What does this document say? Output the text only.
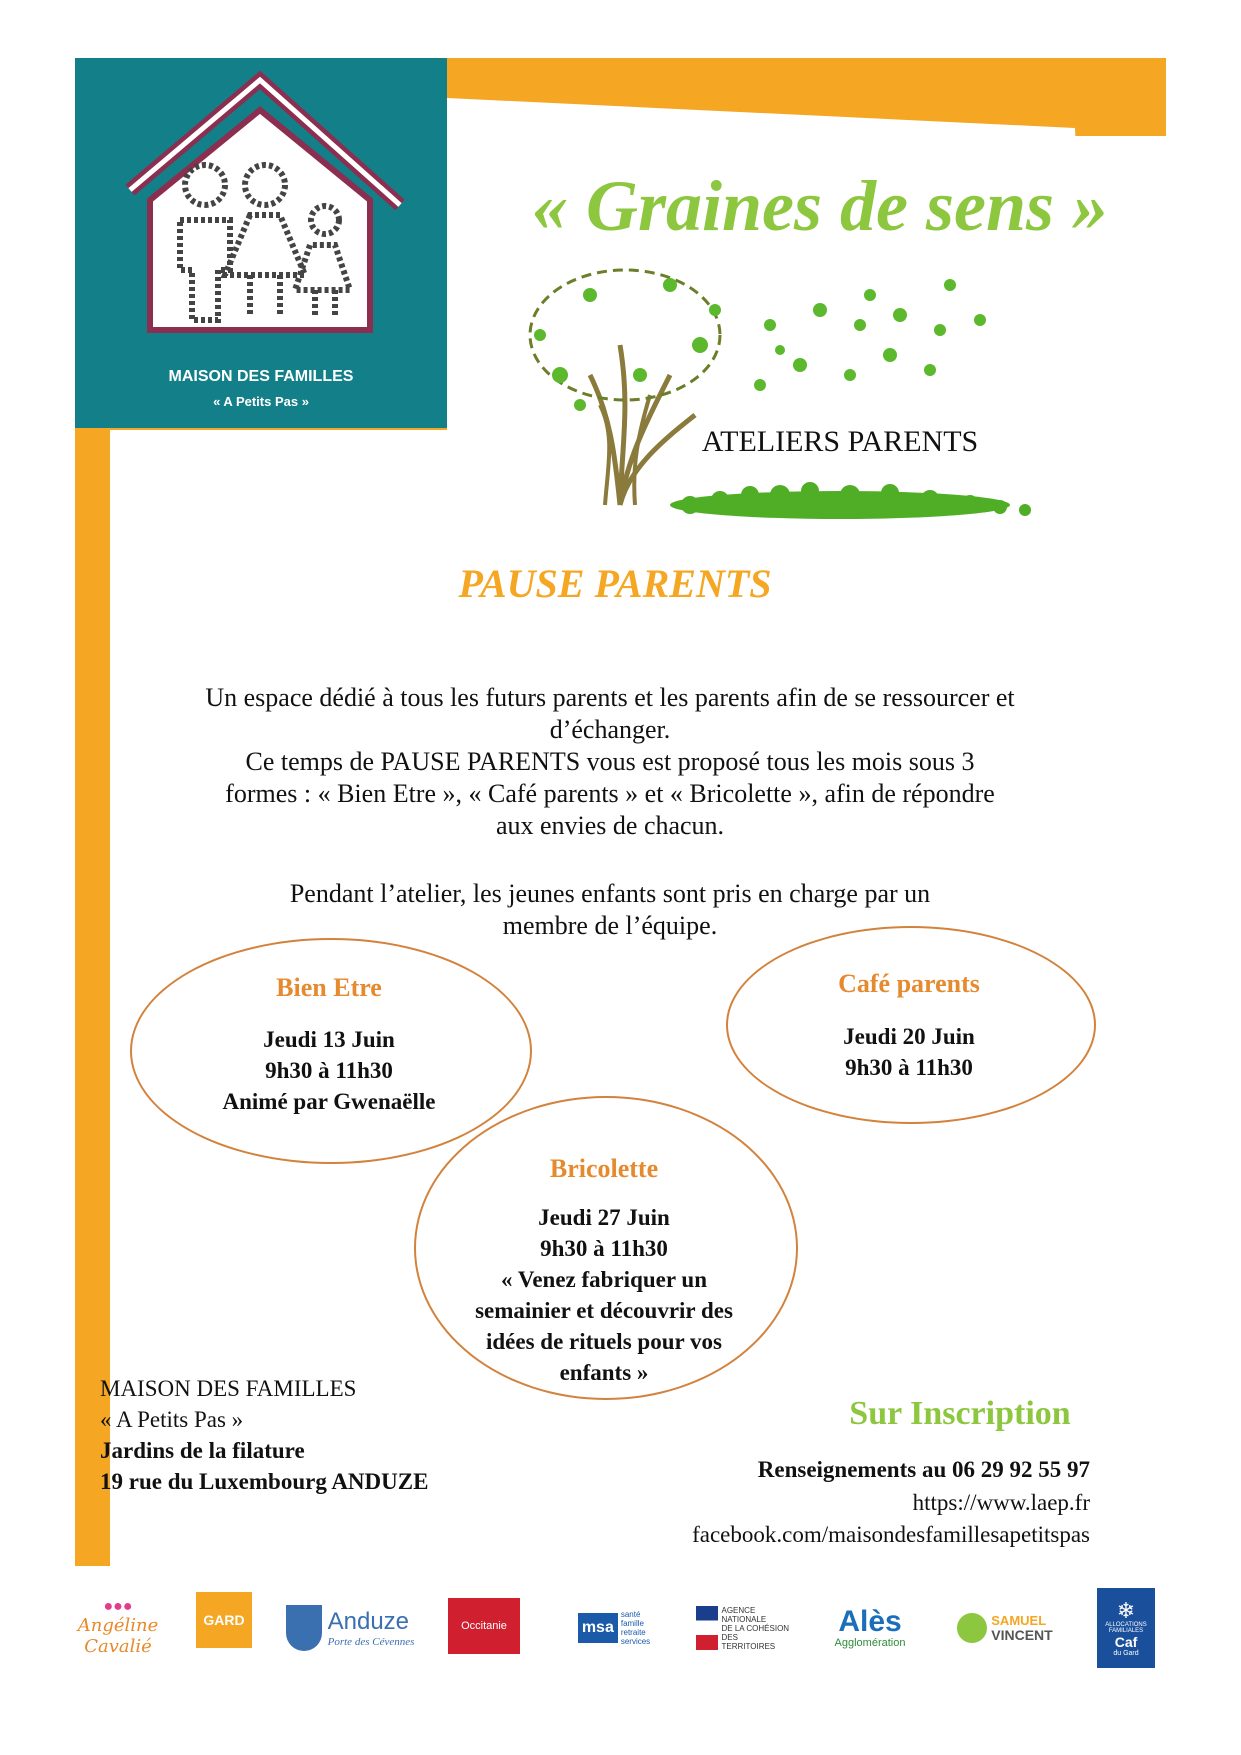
MAISON DES FAMILLES
« A Petits Pas »
« Graines de sens »
ATELIERS PARENTS
PAUSE PARENTS
Un espace dédié à tous les futurs parents et les parents afin de se ressourcer et
d’échanger.
Ce temps de PAUSE PARENTS vous est proposé tous les mois sous 3
formes : « Bien Etre », « Café parents » et « Bricolette », afin de répondre
aux envies de chacun.
Pendant l’atelier, les jeunes enfants sont pris en charge par un
membre de l’équipe.
Bien Etre
Jeudi 13 Juin
9h30 à 11h30
Animé par Gwenaëlle
Café parents
Jeudi 20 Juin
9h30 à 11h30
Bricolette
Jeudi 27 Juin
9h30 à 11h30
« Venez fabriquer un
semainier et découvrir des
idées de rituels pour vos
enfants »
MAISON DES FAMILLES
« A Petits Pas »
Jardins de la filature
19 rue du Luxembourg ANDUZE
Sur Inscription
Renseignements au 06 29 92 55 97
https://www.laep.fr
facebook.com/maisondesfamillesapetitspas
●●●
Angéline
Cavalié
GARD	Anduze
Porte des Cévennes
Occitanie	msa
santé
famille
retraite
services
AGENCE
NATIONALE
DE LA COHÉSION
DES TERRITOIRES
Alès
Agglomération
SAMUEL
VINCENT
❄
ALLOCATIONS
FAMILIALES
Caf
du Gard
